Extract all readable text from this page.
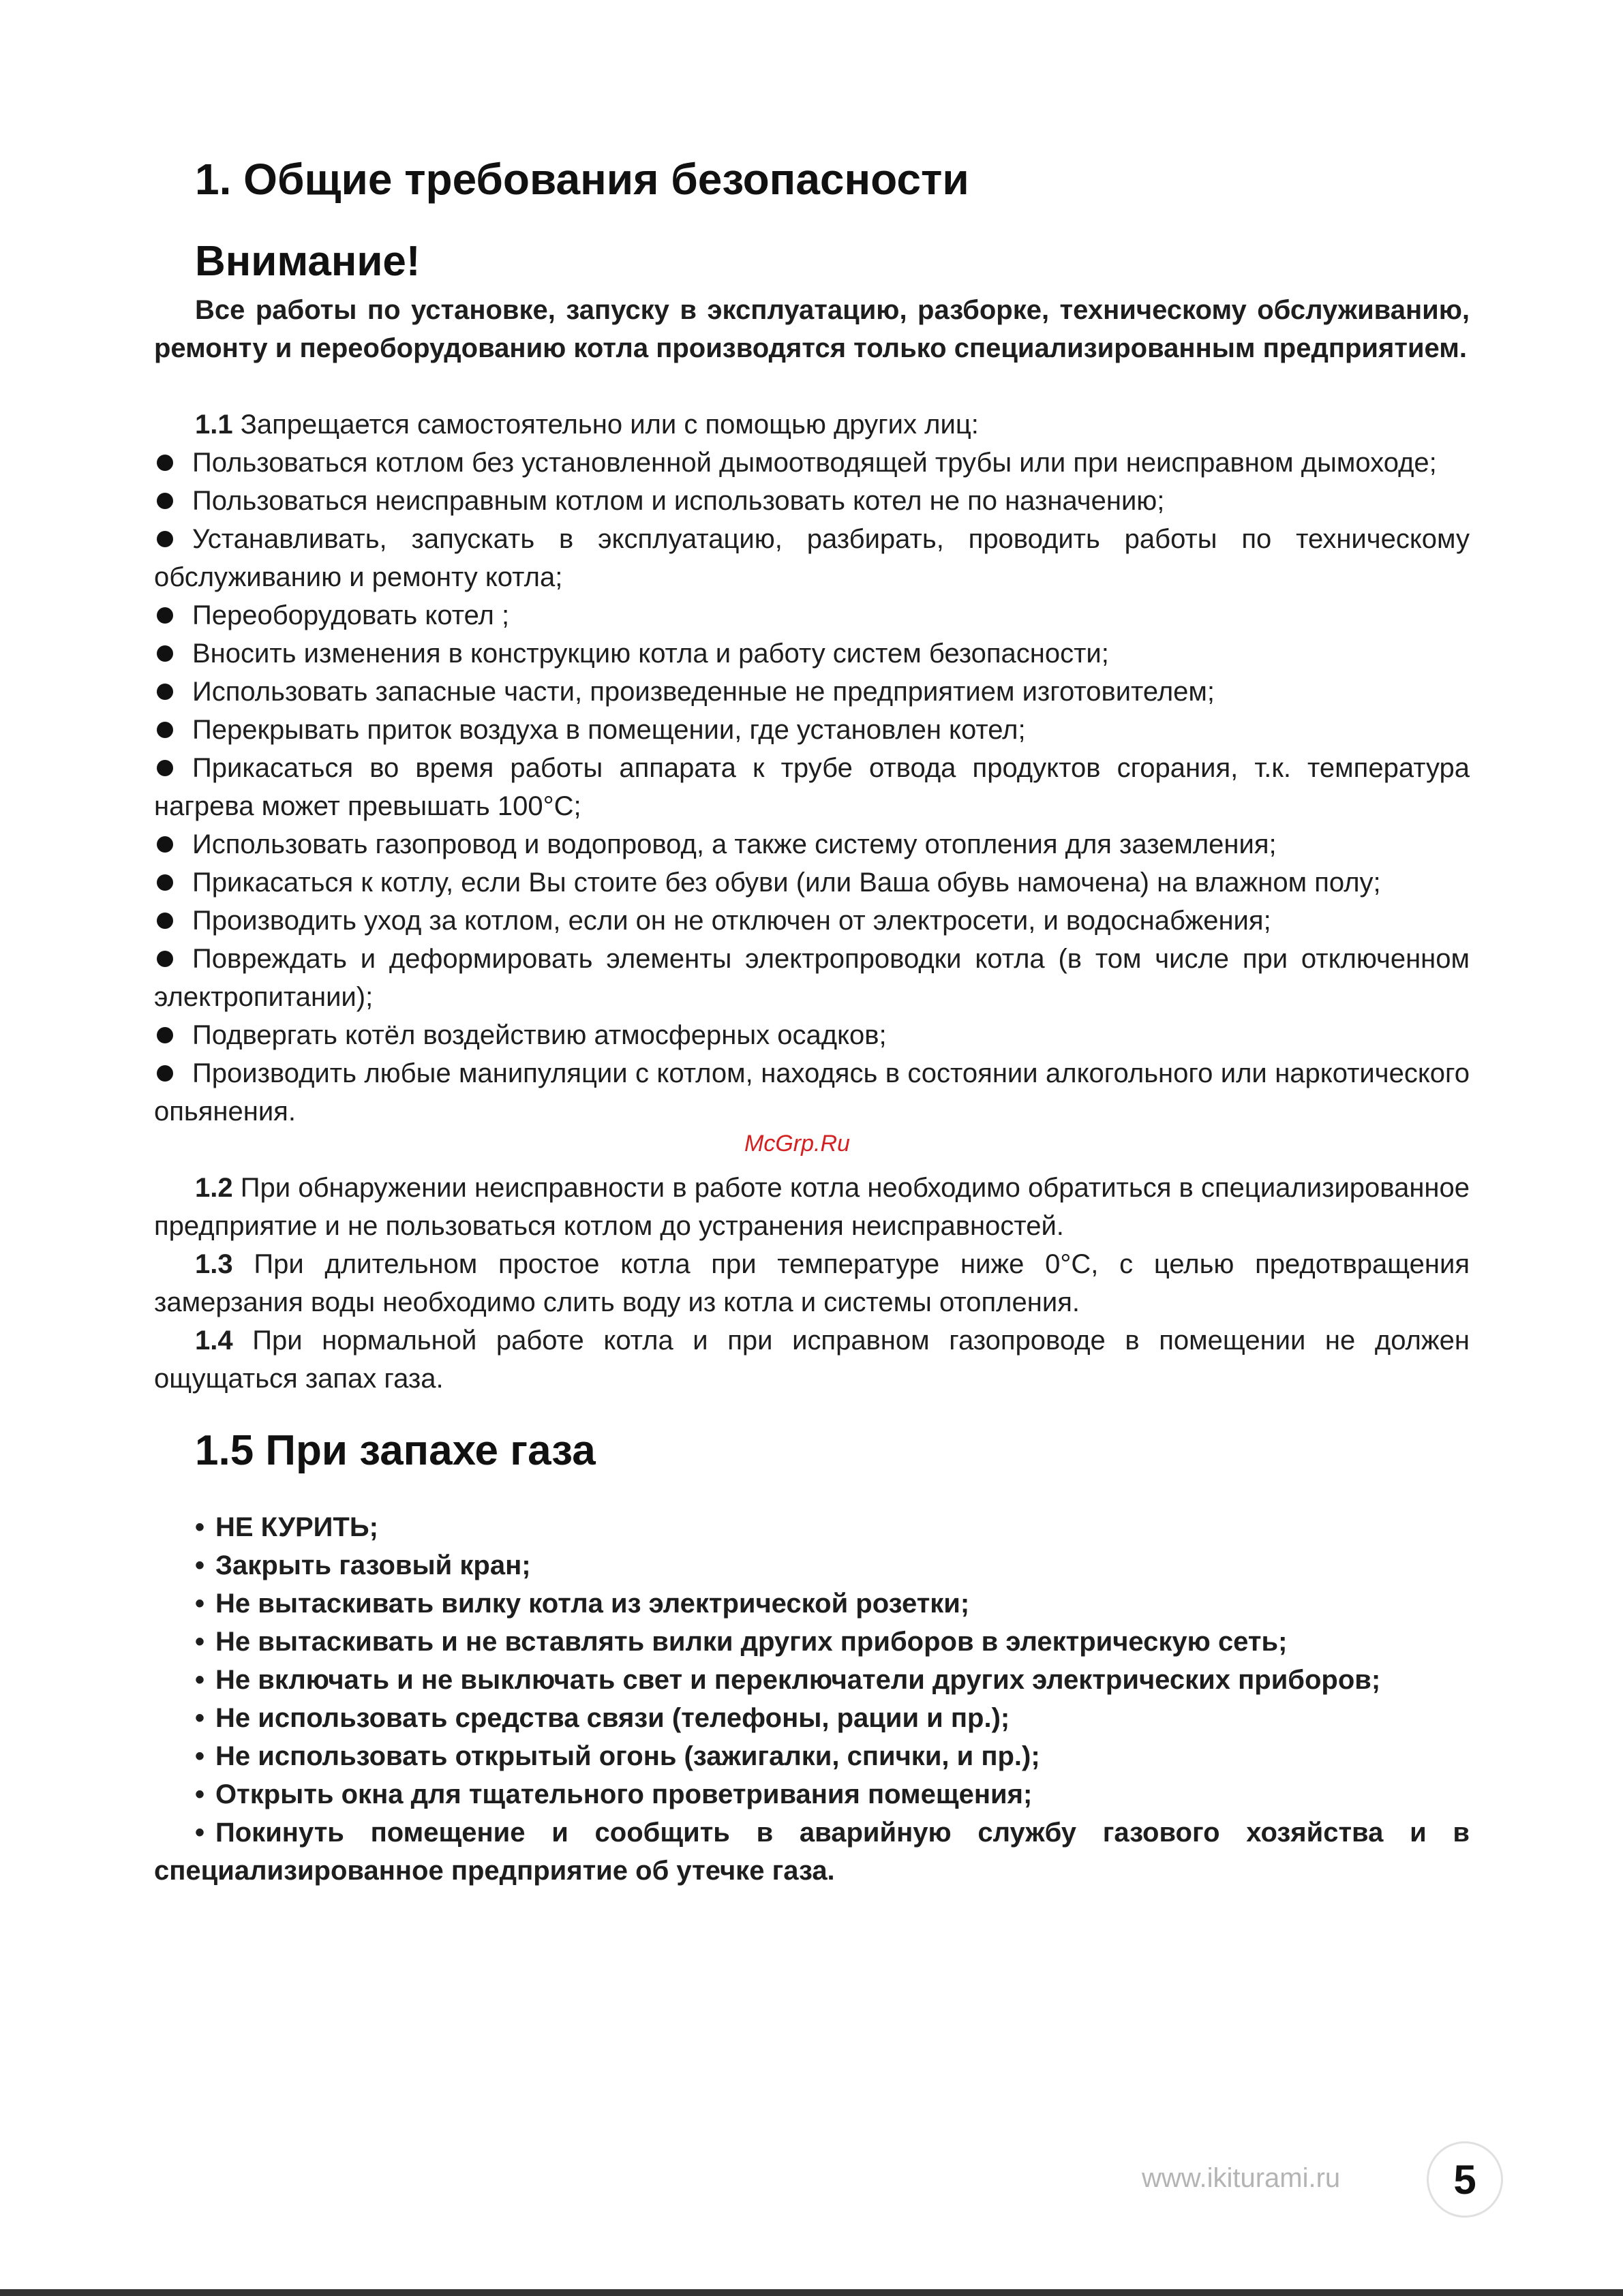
1. Общие требования безопасности
Внимание!

Все работы по установке, запуску в эксплуатацию, разборке, техническому обслуживанию, ремонту и переоборудованию котла производятся только специализированным предприятием.

1.1 Запрещается самостоятельно или с помощью других лиц:

Пользоваться котлом без установленной дымоотводящей трубы или при неисправном дымоходе;
Пользоваться неисправным котлом и использовать котел не по назначению;
Устанавливать, запускать в эксплуатацию, разбирать, проводить работы по техническому обслуживанию и ремонту котла;
Переоборудовать котел ;
Вносить изменения в конструкцию котла и работу систем безопасности;
Использовать запасные части, произведенные не предприятием изготовителем;
Перекрывать приток воздуха в помещении, где установлен котел;
Прикасаться во время работы аппарата к трубе отвода продуктов сгорания, т.к. температура нагрева может превышать 100°С;
Использовать газопровод и водопровод, а также систему отопления для заземления;
Прикасаться к котлу, если Вы стоите без обуви (или Ваша обувь намочена) на влажном полу;
Производить уход за котлом, если он не отключен от электросети, и водоснабжения;
Повреждать и деформировать элементы электропроводки котла (в том числе при отключенном электропитании);
Подвергать котёл воздействию атмосферных осадков;
Производить любые манипуляции с котлом, находясь в состоянии алкогольного или наркотического опьянения.

1.2 При обнаружении неисправности в работе котла необходимо обратиться в специализированное предприятие и не пользоваться котлом до устранения неисправностей.

1.3 При длительном простое котла при температуре ниже 0°С, с целью предотвращения замерзания воды необходимо слить воду из котла и системы отопления.

1.4 При нормальной работе котла и при исправном газопроводе в помещении не должен ощущаться запах газа.

1.5 При запахе газа
• НЕ КУРИТЬ;
• Закрыть газовый кран;
• Не вытаскивать вилку котла из электрической розетки;
• Не вытаскивать и не вставлять вилки других приборов в электрическую сеть;
• Не включать и не выключать свет и переключатели других электрических приборов;
• Не использовать средства связи (телефоны, рации и пр.);
• Не использовать открытый огонь (зажигалки, спички, и пр.);
• Открыть окна для тщательного проветривания помещения;
• Покинуть помещение и сообщить в аварийную службу газового хозяйства и в специализированное предприятие об утечке газа.
McGrp.Ru
www.ikiturami.ru	5
